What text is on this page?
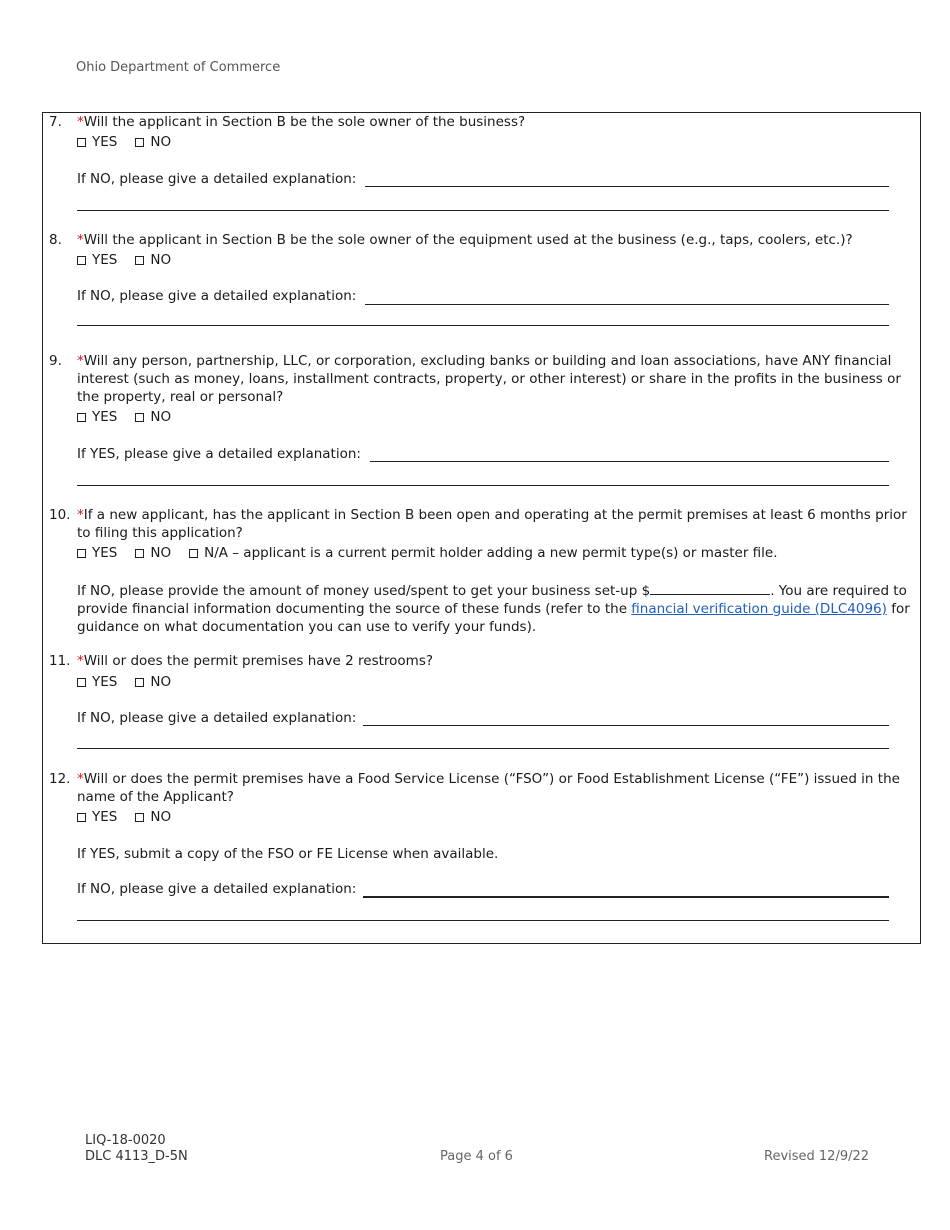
Ohio Department of Commerce
7. *Will the applicant in Section B be the sole owner of the business?
YES NO
If NO, please give a detailed explanation:
8. *Will the applicant in Section B be the sole owner of the equipment used at the business (e.g., taps, coolers, etc.)?
YES NO
If NO, please give a detailed explanation:
9. *Will any person, partnership, LLC, or corporation, excluding banks or building and loan associations, have ANY financial interest (such as money, loans, installment contracts, property, or other interest) or share in the profits in the business or the property, real or personal?
YES NO
If YES, please give a detailed explanation:
10. *If a new applicant, has the applicant in Section B been open and operating at the permit premises at least 6 months prior to filing this application?
YES NO N/A – applicant is a current permit holder adding a new permit type(s) or master file.
If NO, please provide the amount of money used/spent to get your business set-up $	. You are required to provide financial information documenting the source of these funds (refer to the financial verification guide (DLC4096) for guidance on what documentation you can use to verify your funds).
11. *Will or does the permit premises have 2 restrooms?
YES NO
If NO, please give a detailed explanation:
12. *Will or does the permit premises have a Food Service License (“FSO”) or Food Establishment License (“FE”) issued in the name of the Applicant?
YES NO
If YES, submit a copy of the FSO or FE License when available.
If NO, please give a detailed explanation:
LIQ-18-0020
DLC 4113_D-5N	Page 4 of 6	Revised 12/9/22
